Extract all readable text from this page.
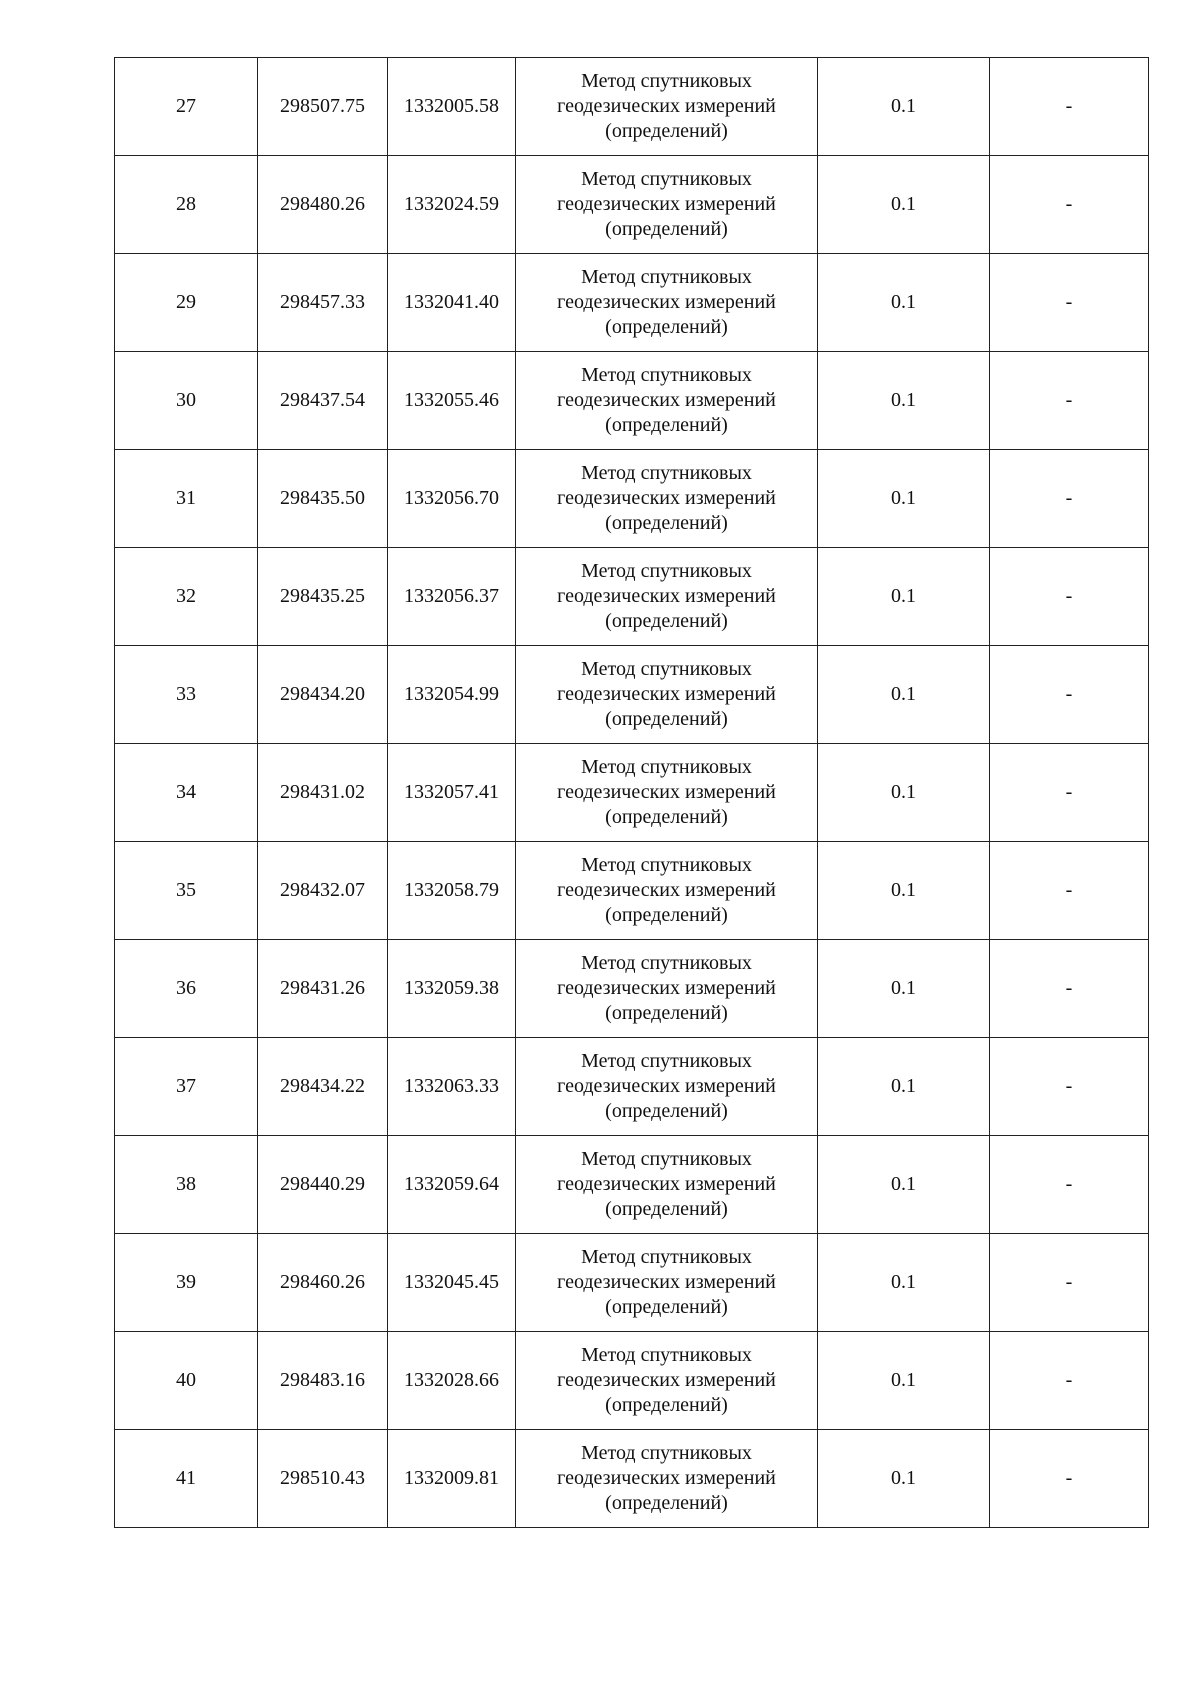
27	298507.75	1332005.58	Метод спутниковых
геодезических измерений
(определений)	0.1	-
28	298480.26	1332024.59	Метод спутниковых
геодезических измерений
(определений)	0.1	-
29	298457.33	1332041.40	Метод спутниковых
геодезических измерений
(определений)	0.1	-
30	298437.54	1332055.46	Метод спутниковых
геодезических измерений
(определений)	0.1	-
31	298435.50	1332056.70	Метод спутниковых
геодезических измерений
(определений)	0.1	-
32	298435.25	1332056.37	Метод спутниковых
геодезических измерений
(определений)	0.1	-
33	298434.20	1332054.99	Метод спутниковых
геодезических измерений
(определений)	0.1	-
34	298431.02	1332057.41	Метод спутниковых
геодезических измерений
(определений)	0.1	-
35	298432.07	1332058.79	Метод спутниковых
геодезических измерений
(определений)	0.1	-
36	298431.26	1332059.38	Метод спутниковых
геодезических измерений
(определений)	0.1	-
37	298434.22	1332063.33	Метод спутниковых
геодезических измерений
(определений)	0.1	-
38	298440.29	1332059.64	Метод спутниковых
геодезических измерений
(определений)	0.1	-
39	298460.26	1332045.45	Метод спутниковых
геодезических измерений
(определений)	0.1	-
40	298483.16	1332028.66	Метод спутниковых
геодезических измерений
(определений)	0.1	-
41	298510.43	1332009.81	Метод спутниковых
геодезических измерений
(определений)	0.1	-
